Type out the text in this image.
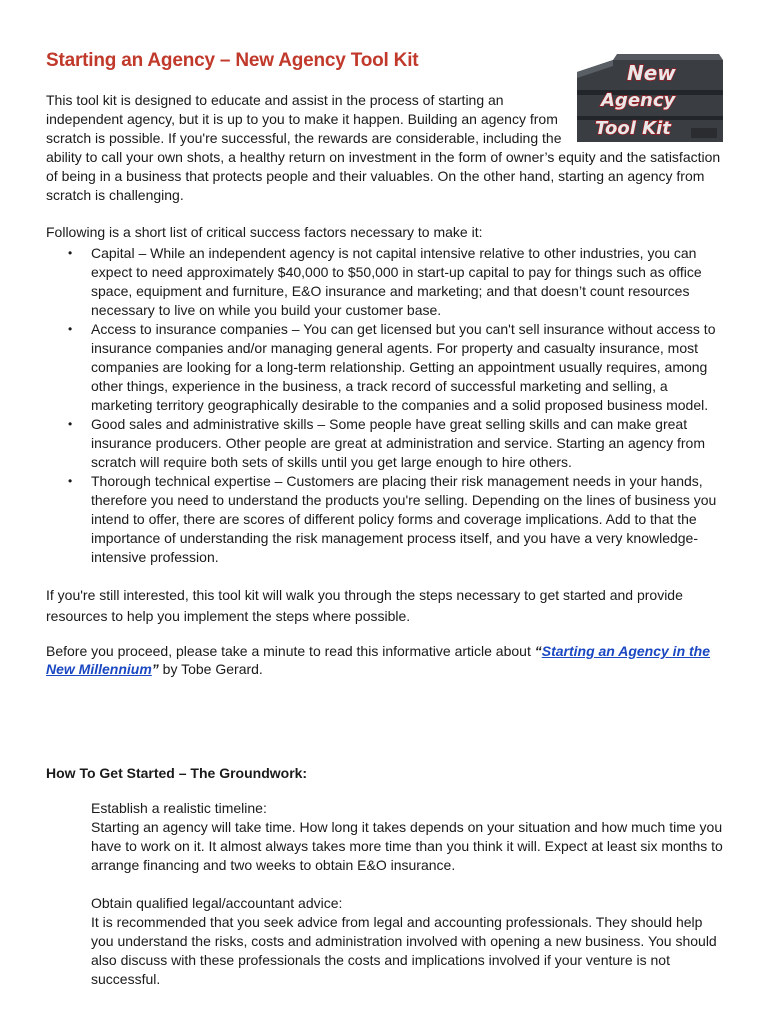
Starting an Agency – New Agency Tool Kit
New
Agency
Tool Kit

This tool kit is designed to educate and assist in the process of starting an independent agency, but it is up to you to make it happen. Building an agency from scratch is possible. If you're successful, the rewards are considerable, including the ability to call your own shots, a healthy return on investment in the form of owner’s equity and the satisfaction of being in a business that protects people and their valuables. On the other hand, starting an agency from scratch is challenging.

Following is a short list of critical success factors necessary to make it:

• Capital – While an independent agency is not capital intensive relative to other industries, you can expect to need approximately $40,000 to $50,000 in start-up capital to pay for things such as office space, equipment and furniture, E&O insurance and marketing; and that doesn’t count resources necessary to live on while you build your customer base.
• Access to insurance companies – You can get licensed but you can't sell insurance without access to insurance companies and/or managing general agents. For property and casualty insurance, most companies are looking for a long-term relationship. Getting an appointment usually requires, among other things, experience in the business, a track record of successful marketing and selling, a marketing territory geographically desirable to the companies and a solid proposed business model.
• Good sales and administrative skills – Some people have great selling skills and can make great insurance producers. Other people are great at administration and service. Starting an agency from scratch will require both sets of skills until you get large enough to hire others.
• Thorough technical expertise – Customers are placing their risk management needs in your hands, therefore you need to understand the products you're selling. Depending on the lines of business you intend to offer, there are scores of different policy forms and coverage implications. Add to that the importance of understanding the risk management process itself, and you have a very knowledge-intensive profession.

If you're still interested, this tool kit will walk you through the steps necessary to get started and provide resources to help you implement the steps where possible.

Before you proceed, please take a minute to read this informative article about “Starting an Agency in the New Millennium” by Tobe Gerard.

How To Get Started – The Groundwork:

Establish a realistic timeline:
Starting an agency will take time. How long it takes depends on your situation and how much time you have to work on it. It almost always takes more time than you think it will. Expect at least six months to arrange financing and two weeks to obtain E&O insurance.

Obtain qualified legal/accountant advice:
It is recommended that you seek advice from legal and accounting professionals. They should help you understand the risks, costs and administration involved with opening a new business. You should also discuss with these professionals the costs and implications involved if your venture is not successful.
